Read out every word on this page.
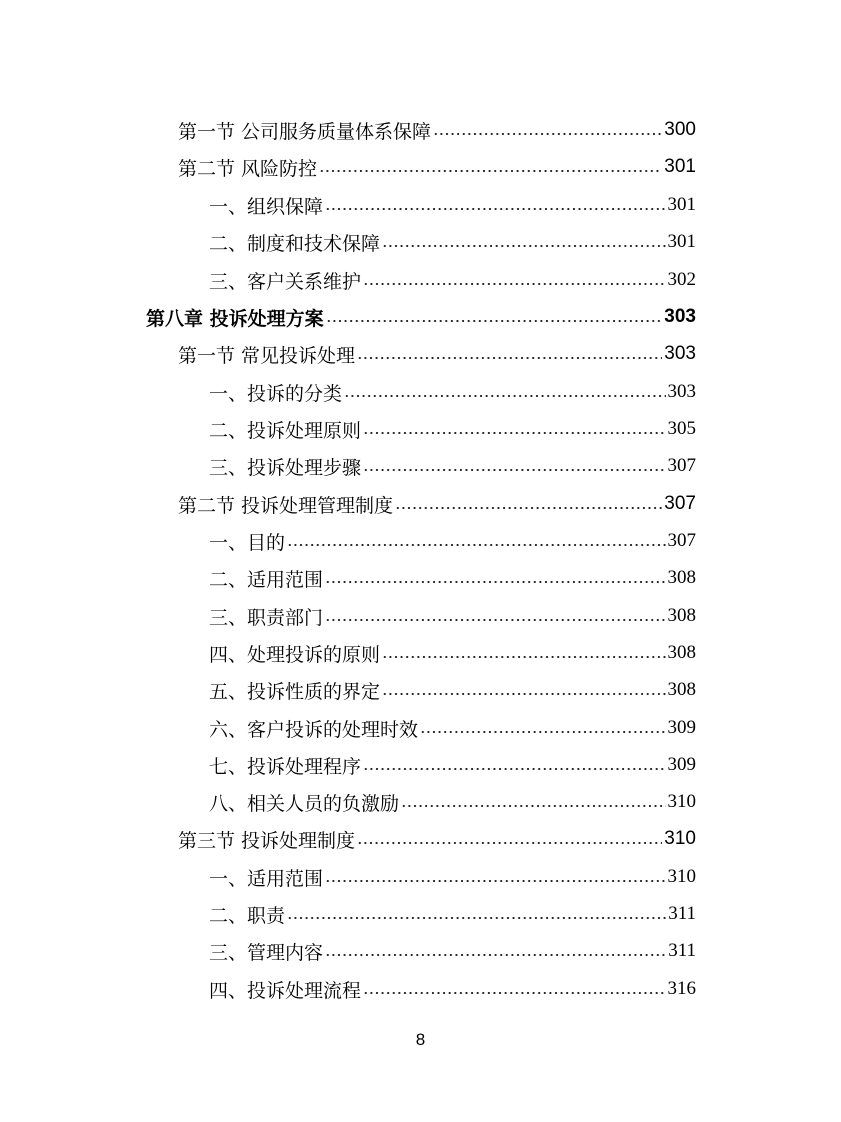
第一节 公司服务质量体系保障	300
第二节 风险防控	301
一、组织保障	301
二、制度和技术保障	301
三、客户关系维护	302
第八章 投诉处理方案	303
第一节 常见投诉处理	303
一、投诉的分类	303
二、投诉处理原则	305
三、投诉处理步骤	307
第二节 投诉处理管理制度	307
一、目的	307
二、适用范围	308
三、职责部门	308
四、处理投诉的原则	308
五、投诉性质的界定	308
六、客户投诉的处理时效	309
七、投诉处理程序	309
八、相关人员的负激励	310
第三节 投诉处理制度	310
一、适用范围	310
二、职责	311
三、管理内容	311
四、投诉处理流程	316
8
